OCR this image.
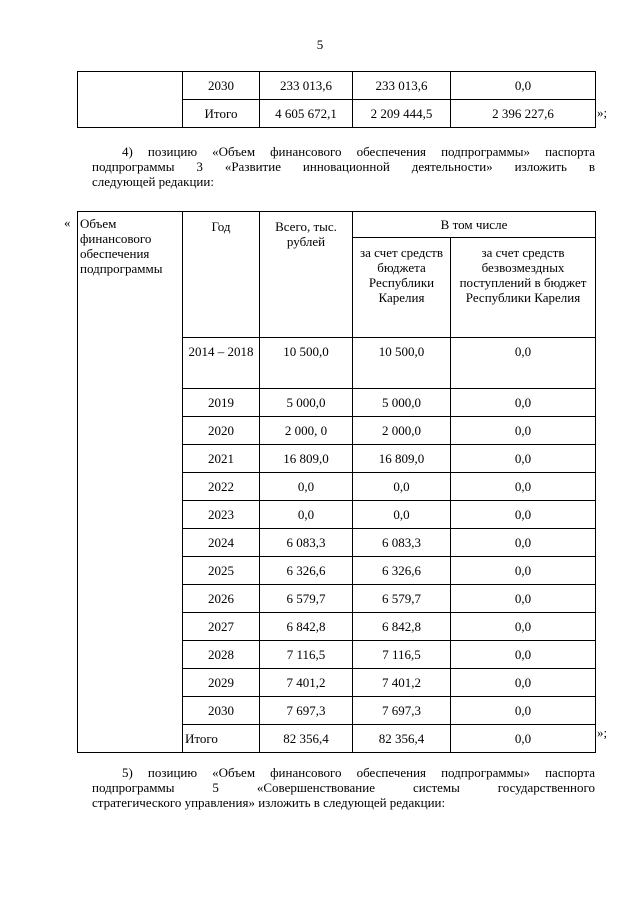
5
	2030	233 013,6	233 013,6	0,0
	Итого	4 605 672,1	2 209 444,5	2 396 227,6	»;
4) позицию «Объем финансового обеспечения подпрограммы» паспорта
подпрограммы 3 «Развитие инновационной деятельности» изложить в
следующей редакции:
« Объем финансового обеспечения подпрограммы	Год	Всего, тыс. рублей	В том числе	
			за счет средств бюджета Республики Карелия	за счет средств безвозмездных поступлений в бюджет Республики Карелия
	2014 – 2018	10 500,0	10 500,0	0,0
	2019	5 000,0	5 000,0	0,0
	2020	2 000, 0	2 000,0	0,0
	2021	16 809,0	16 809,0	0,0
	2022	0,0	0,0	0,0
	2023	0,0	0,0	0,0
	2024	6 083,3	6 083,3	0,0
	2025	6 326,6	6 326,6	0,0
	2026	6 579,7	6 579,7	0,0
	2027	6 842,8	6 842,8	0,0
	2028	7 116,5	7 116,5	0,0
	2029	7 401,2	7 401,2	0,0
	2030	7 697,3	7 697,3	0,0
	Итого	82 356,4	82 356,4	0,0	»;
5) позицию «Объем финансового обеспечения подпрограммы» паспорта
подпрограммы 5 «Совершенствование системы государственного
стратегического управления» изложить в следующей редакции:
